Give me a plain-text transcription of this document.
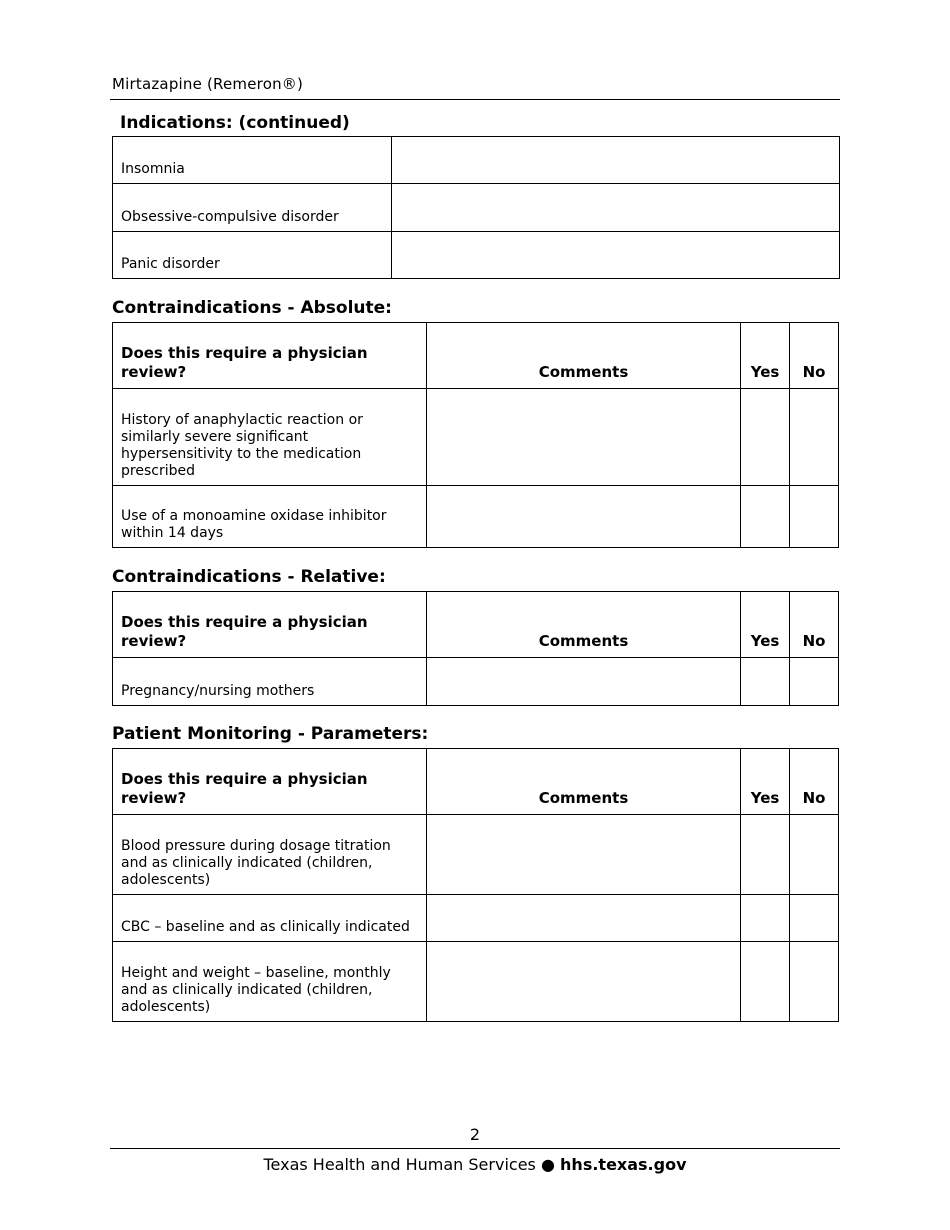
Mirtazapine (Remeron®)
Indications: (continued)
Insomnia	
Obsessive-compulsive disorder	
Panic disorder	
Contraindications - Absolute:
Does this require a physician review?	Comments	Yes	No
History of anaphylactic reaction or similarly severe significant hypersensitivity to the medication prescribed			
Use of a monoamine oxidase inhibitor within 14 days			
Contraindications - Relative:
Does this require a physician review?	Comments	Yes	No
Pregnancy/nursing mothers			
Patient Monitoring - Parameters:
Does this require a physician review?	Comments	Yes	No
Blood pressure during dosage titration and as clinically indicated (children, adolescents)			
CBC – baseline and as clinically indicated			
Height and weight – baseline, monthly and as clinically indicated (children, adolescents)			
2
Texas Health and Human Services ● hhs.texas.gov
